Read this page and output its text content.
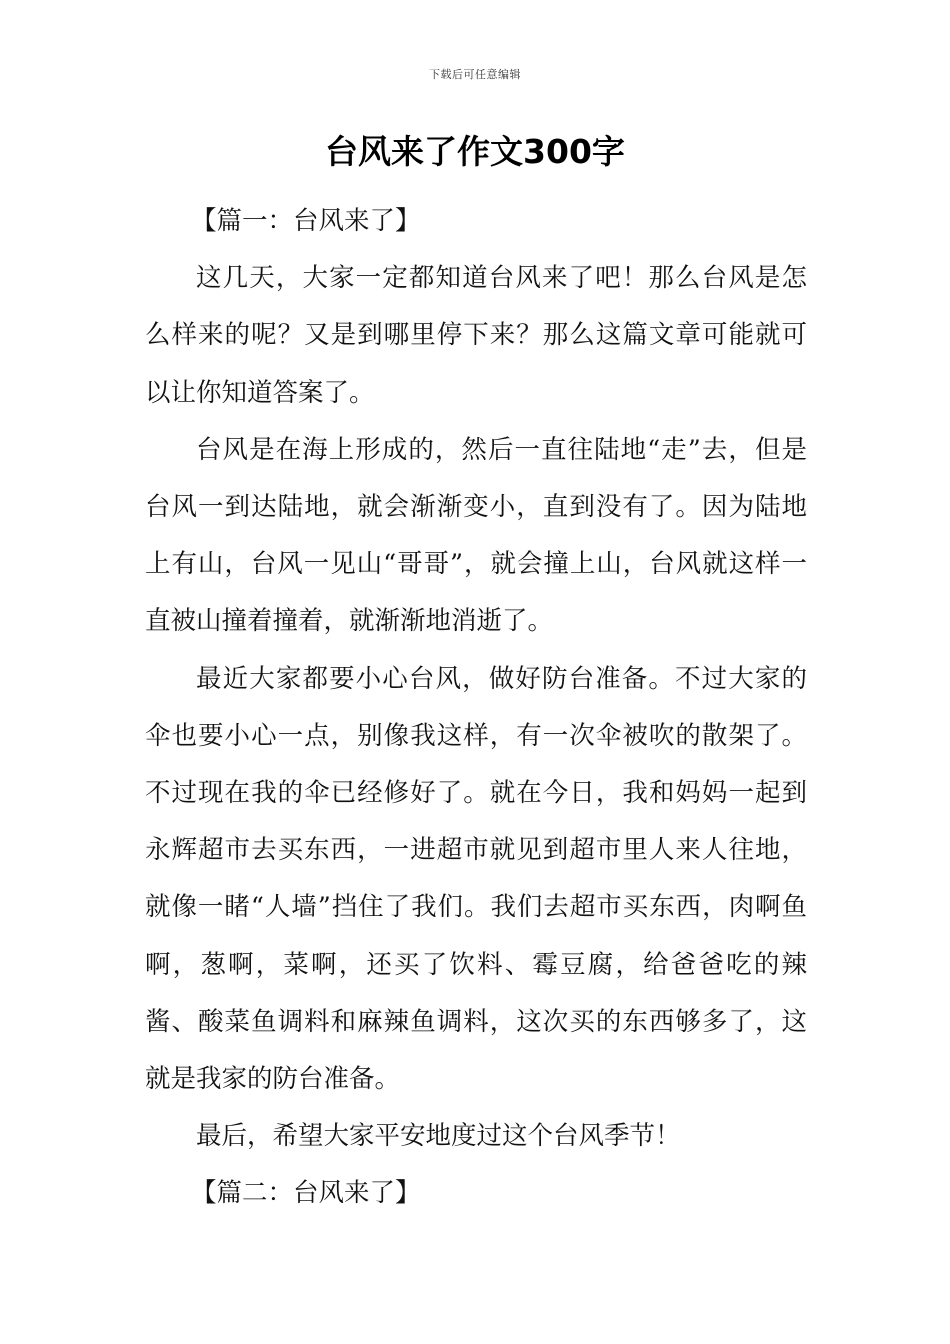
下载后可任意编辑
台风来了作文300字

【篇一：台风来了】

这几天，大家一定都知道台风来了吧！那么台风是怎么样来的呢？又是到哪里停下来？那么这篇文章可能就可以让你知道答案了。

台风是在海上形成的，然后一直往陆地“走”去，但是台风一到达陆地，就会渐渐变小，直到没有了。因为陆地上有山，台风一见山“哥哥”，就会撞上山，台风就这样一直被山撞着撞着，就渐渐地消逝了。

最近大家都要小心台风，做好防台准备。不过大家的伞也要小心一点，别像我这样，有一次伞被吹的散架了。不过现在我的伞已经修好了。就在今日，我和妈妈一起到永辉超市去买东西，一进超市就见到超市里人来人往地，就像一睹“人墙”挡住了我们。我们去超市买东西，肉啊鱼啊，葱啊，菜啊，还买了饮料、霉豆腐，给爸爸吃的辣酱、酸菜鱼调料和麻辣鱼调料，这次买的东西够多了，这就是我家的防台准备。

最后，希望大家平安地度过这个台风季节！

【篇二：台风来了】
